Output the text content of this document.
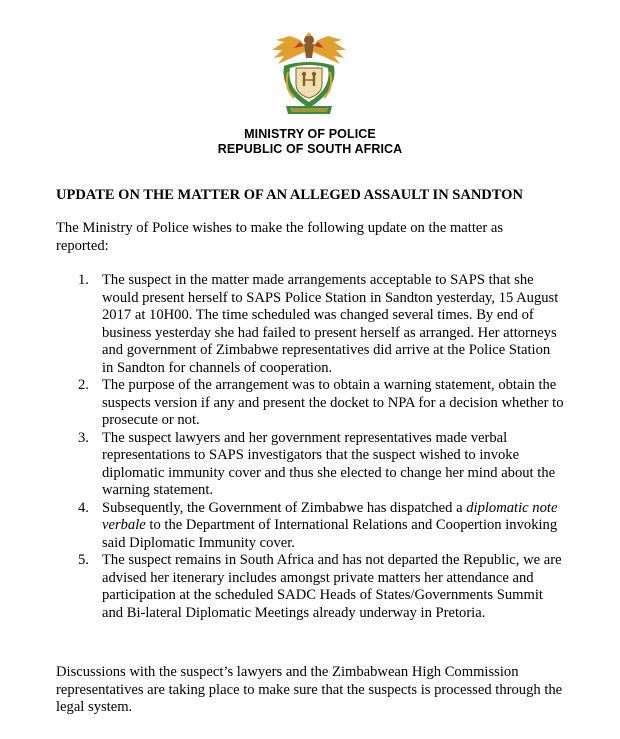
MINISTRY OF POLICE
REPUBLIC OF SOUTH AFRICA
UPDATE ON THE MATTER OF AN ALLEGED ASSAULT IN SANDTON
The Ministry of Police wishes to make the following update on the matter as reported:
1. The suspect in the matter made arrangements acceptable to SAPS that she would present herself to SAPS Police Station in Sandton yesterday, 15 August 2017 at 10H00. The time scheduled was changed several times. By end of business yesterday she had failed to present herself as arranged. Her attorneys and government of Zimbabwe representatives did arrive at the Police Station in Sandton for channels of cooperation.
2. The purpose of the arrangement was to obtain a warning statement, obtain the suspects version if any and present the docket to NPA for a decision whether to prosecute or not.
3. The suspect lawyers and her government representatives made verbal representations to SAPS investigators that the suspect wished to invoke diplomatic immunity cover and thus she elected to change her mind about the warning statement.
4. Subsequently, the Government of Zimbabwe has dispatched a diplomatic note verbale to the Department of International Relations and Coopertion invoking said Diplomatic Immunity cover.
5. The suspect remains in South Africa and has not departed the Republic, we are advised her itenerary includes amongst private matters her attendance and participation at the scheduled SADC Heads of States/Governments Summit and Bi-lateral Diplomatic Meetings already underway in Pretoria.
Discussions with the suspect’s lawyers and the Zimbabwean High Commission representatives are taking place to make sure that the suspects is processed through the legal system.
